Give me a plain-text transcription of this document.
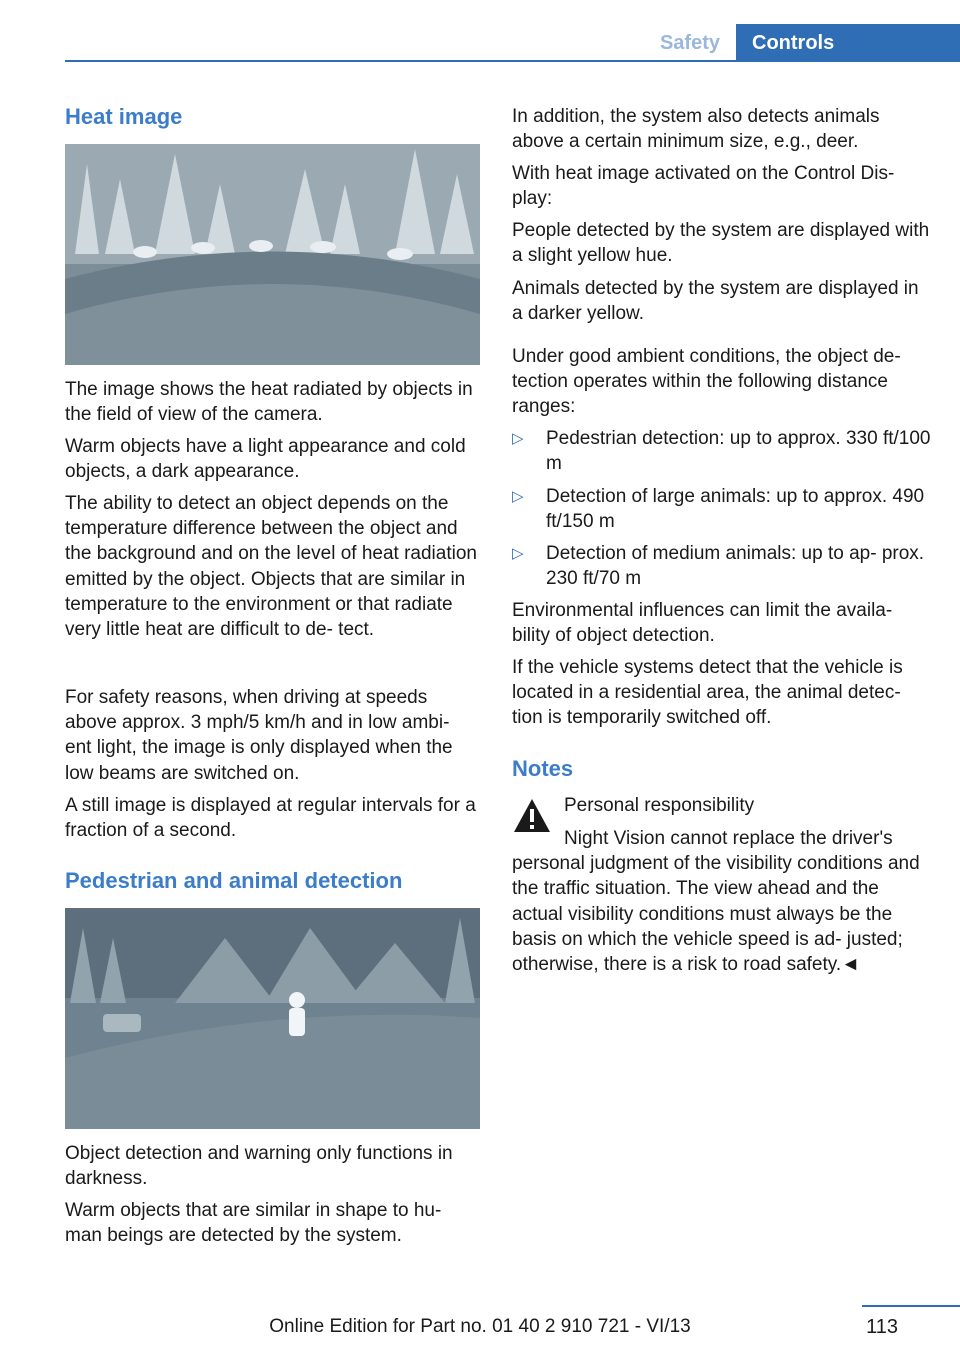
Safety	Controls
Heat image

The image shows the heat radiated by objects in the field of view of the camera.

Warm objects have a light appearance and cold objects, a dark appearance.

The ability to detect an object depends on the temperature difference between the object and the background and on the level of heat radiation emitted by the object. Objects that are similar in temperature to the environment or that radiate very little heat are difficult to de- tect.

For safety reasons, when driving at speeds above approx. 3 mph/5 km/h and in low ambi- ent light, the image is only displayed when the low beams are switched on.

A still image is displayed at regular intervals for a fraction of a second.

Pedestrian and animal detection

Object detection and warning only functions in darkness.

Warm objects that are similar in shape to hu- man beings are detected by the system.

In addition, the system also detects animals above a certain minimum size, e.g., deer.

With heat image activated on the Control Dis- play:

People detected by the system are displayed with a slight yellow hue.

Animals detected by the system are displayed in a darker yellow.

Under good ambient conditions, the object de- tection operates within the following distance ranges:

▷ Pedestrian detection: up to approx. 330 ft/100 m
▷ Detection of large animals: up to approx. 490 ft/150 m
▷ Detection of medium animals: up to ap- prox. 230 ft/70 m

Environmental influences can limit the availa- bility of object detection.

If the vehicle systems detect that the vehicle is located in a residential area, the animal detec- tion is temporarily switched off.

Notes

Personal responsibility

Night Vision cannot replace the driver's personal judgment of the visibility conditions and the traffic situation. The view ahead and the actual visibility conditions must always be the basis on which the vehicle speed is ad- justed; otherwise, there is a risk to road safety.◄

113
Online Edition for Part no. 01 40 2 910 721 - VI/13
